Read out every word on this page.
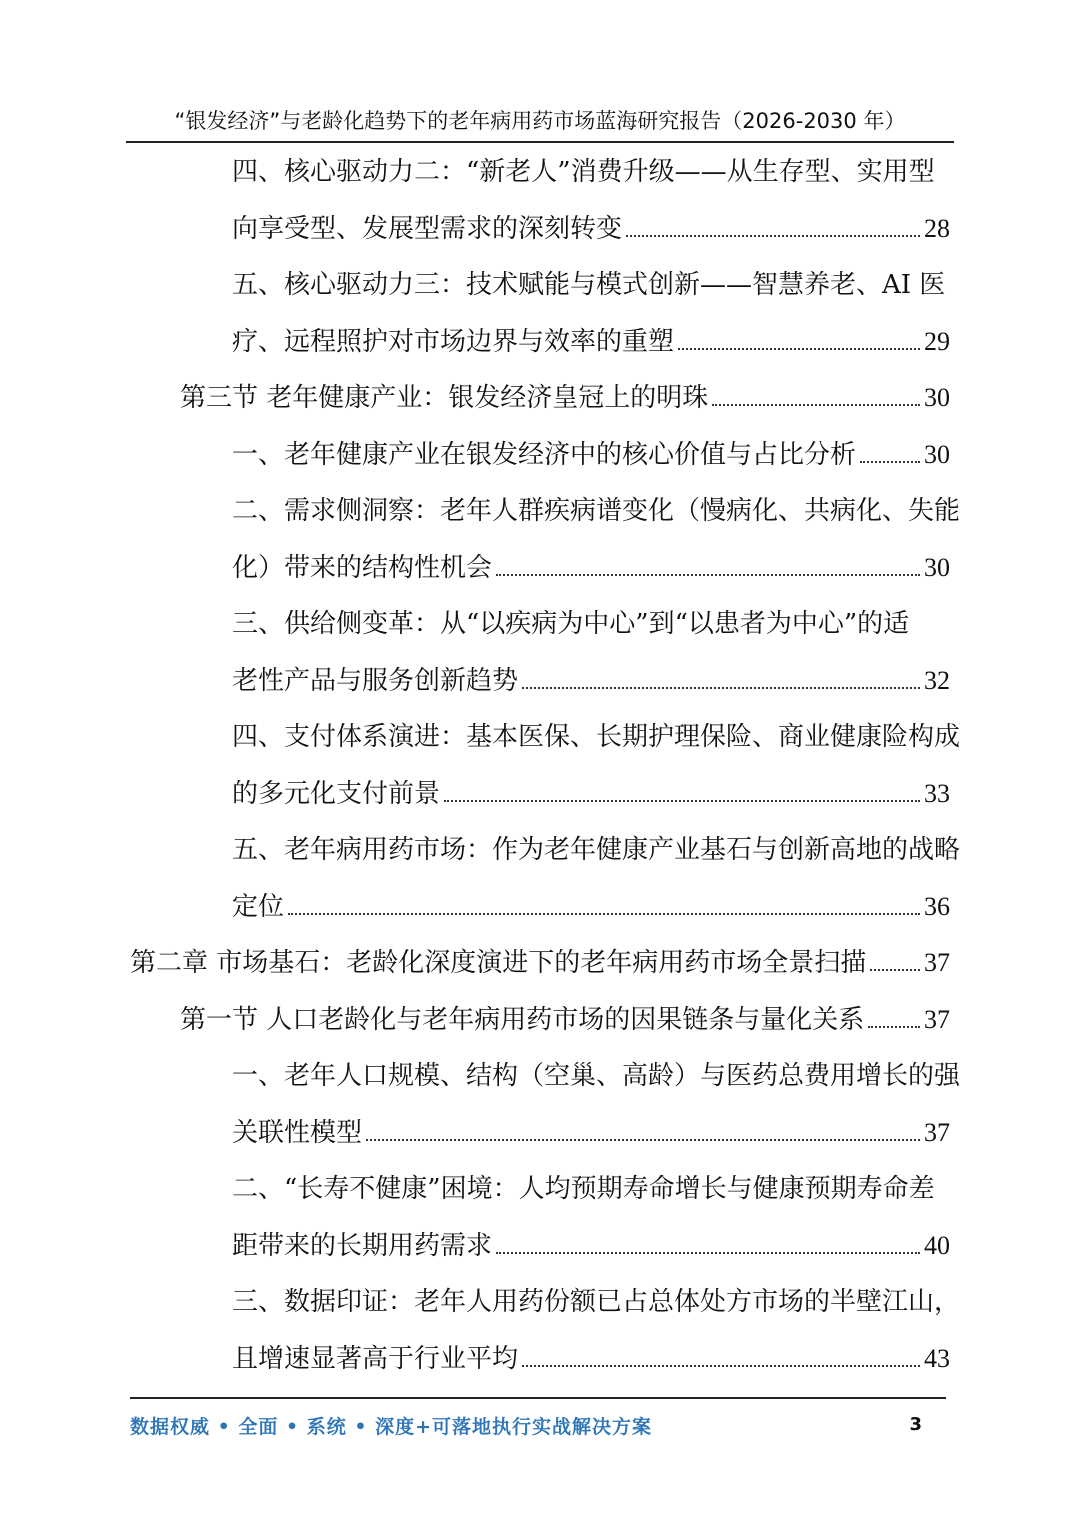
“银发经济”与老龄化趋势下的老年病用药市场蓝海研究报告（2026-2030 年）
四、核心驱动力二：“新老人”消费升级——从生存型、实用型
向享受型、发展型需求的深刻转变	28
五、核心驱动力三：技术赋能与模式创新——智慧养老、AI 医
疗、远程照护对市场边界与效率的重塑	29
第三节 老年健康产业：银发经济皇冠上的明珠	30
一、老年健康产业在银发经济中的核心价值与占比分析	30
二、需求侧洞察：老年人群疾病谱变化（慢病化、共病化、失能
化）带来的结构性机会	30
三、供给侧变革：从“以疾病为中心”到“以患者为中心”的适
老性产品与服务创新趋势	32
四、支付体系演进：基本医保、长期护理保险、商业健康险构成
的多元化支付前景	33
五、老年病用药市场：作为老年健康产业基石与创新高地的战略
定位	36
第二章 市场基石：老龄化深度演进下的老年病用药市场全景扫描 37
第一节 人口老龄化与老年病用药市场的因果链条与量化关系 37
一、老年人口规模、结构（空巢、高龄）与医药总费用增长的强
关联性模型	37
二、“长寿不健康”困境：人均预期寿命增长与健康预期寿命差
距带来的长期用药需求	40
三、数据印证：老年人用药份额已占总体处方市场的半壁江山，
且增速显著高于行业平均	43
数据权威 • 全面 • 系统 • 深度+可落地执行实战解决方案	3
